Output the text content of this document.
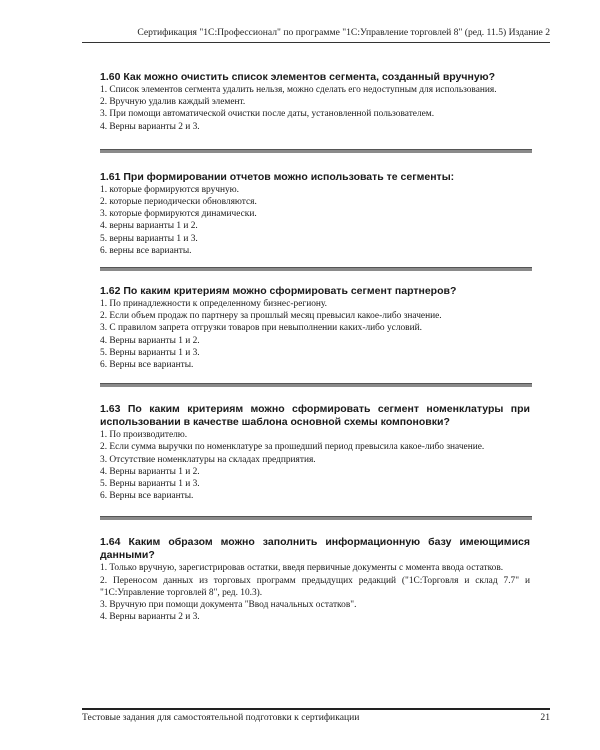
Сертификация "1С:Профессионал" по программе "1С:Управление торговлей 8" (ред. 11.5) Издание 2
1.60 Как можно очистить список элементов сегмента, созданный вручную?
1. Список элементов сегмента удалить нельзя, можно сделать его недоступным для использования.
2. Вручную удалив каждый элемент.
3. При помощи автоматической очистки после даты, установленной пользователем.
4. Верны варианты 2 и 3.
1.61 При формировании отчетов можно использовать те сегменты:
1. которые формируются вручную.
2. которые периодически обновляются.
3. которые формируются динамически.
4. верны варианты 1 и 2.
5. верны варианты 1 и 3.
6. верны все варианты.
1.62 По каким критериям можно сформировать сегмент партнеров?
1. По принадлежности к определенному бизнес-региону.
2. Если объем продаж по партнеру за прошлый месяц превысил какое-либо значение.
3. С правилом запрета отгрузки товаров при невыполнении каких-либо условий.
4. Верны варианты 1 и 2.
5. Верны варианты 1 и 3.
6. Верны все варианты.
1.63 По каким критериям можно сформировать сегмент номенклатуры при использовании в качестве шаблона основной схемы компоновки?
1. По производителю.
2. Если сумма выручки по номенклатуре за прошедший период превысила какое-либо значение.
3. Отсутствие номенклатуры на складах предприятия.
4. Верны варианты 1 и 2.
5. Верны варианты 1 и 3.
6. Верны все варианты.
1.64 Каким образом можно заполнить информационную базу имеющимися данными?
1. Только вручную, зарегистрировав остатки, введя первичные документы с момента ввода остатков.
2. Переносом данных из торговых программ предыдущих редакций ("1С:Торговля и склад 7.7" и "1С:Управление торговлей 8", ред. 10.3).
3. Вручную при помощи документа "Ввод начальных остатков".
4. Верны варианты 2 и 3.
Тестовые задания для самостоятельной подготовки к сертификации	21
